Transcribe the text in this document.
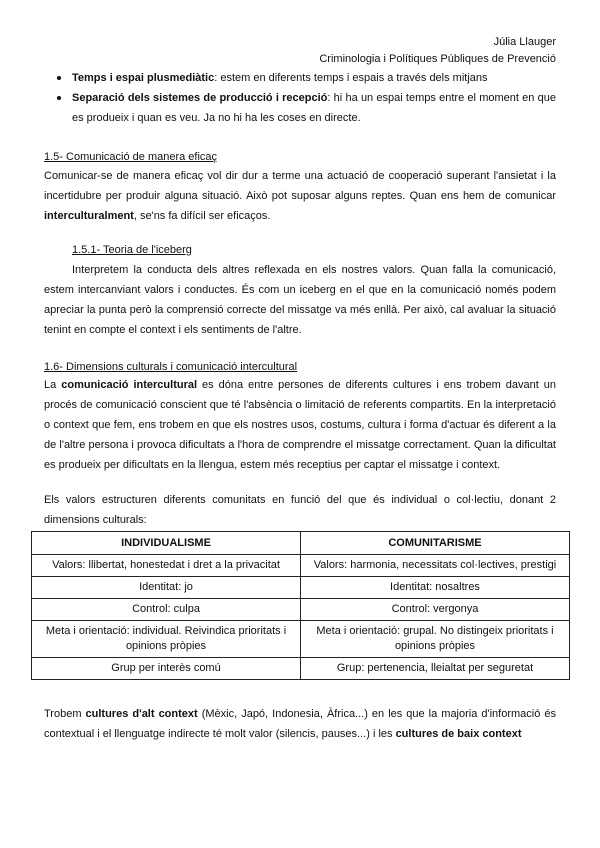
Júlia Llauger
Criminologia i Polítiques Públiques de Prevenció
Temps i espai plusmediàtic: estem en diferents temps i espais a través dels mitjans
Separació dels sistemes de producció i recepció: hi ha un espai temps entre el moment en que es produeix i quan es veu. Ja no hi ha les coses en directe.
1.5- Comunicació de manera eficaç
Comunicar-se de manera eficaç vol dir dur a terme una actuació de cooperació superant l'ansietat i la incertidubre per produir alguna situació. Això pot suposar alguns reptes. Quan ens hem de comunicar interculturalment, se'ns fa difícil ser eficaços.
1.5.1- Teoria de l'iceberg
Interpretem la conducta dels altres reflexada en els nostres valors. Quan falla la comunicació, estem intercanviant valors i conductes. És com un iceberg en el que en la comunicació només podem apreciar la punta però la comprensió correcte del missatge va més enllà. Per això, cal avaluar la situació tenint en compte el context i els sentiments de l'altre.
1.6- Dimensions culturals i comunicació intercultural
La comunicació intercultural es dóna entre persones de diferents cultures i ens trobem davant un procés de comunicació conscient que té l'absència o limitació de referents compartits. En la interpretació o context que fem, ens trobem en que els nostres usos, costums, cultura i forma d'actuar és diferent a la de l'altre persona i provoca dificultats a l'hora de comprendre el missatge correctament. Quan la dificultat es produeix per dificultats en la llengua, estem més receptius per captar el missatge i context.
Els valors estructuren diferents comunitats en funció del que és individual o col·lectiu, donant 2 dimensions culturals:
INDIVIDUALISME	COMUNITARISME
Valors: llibertat, honestedat i dret a la privacitat	Valors: harmonia, necessitats col·lectives, prestigi
Identitat: jo	Identitat: nosaltres
Control: culpa	Control: vergonya
Meta i orientació: individual. Reivindica prioritats i opinions pròpies	Meta i orientació: grupal. No distingeix prioritats i opinions pròpies
Grup per interès comú	Grup: pertenencia, lleialtat per seguretat
Trobem cultures d'alt context (Mèxic, Japó, Indonesia, Àfrica...) en les que la majoria d'informació és contextual i el llenguatge indirecte té molt valor (silencis, pauses...) i les cultures de baix context
